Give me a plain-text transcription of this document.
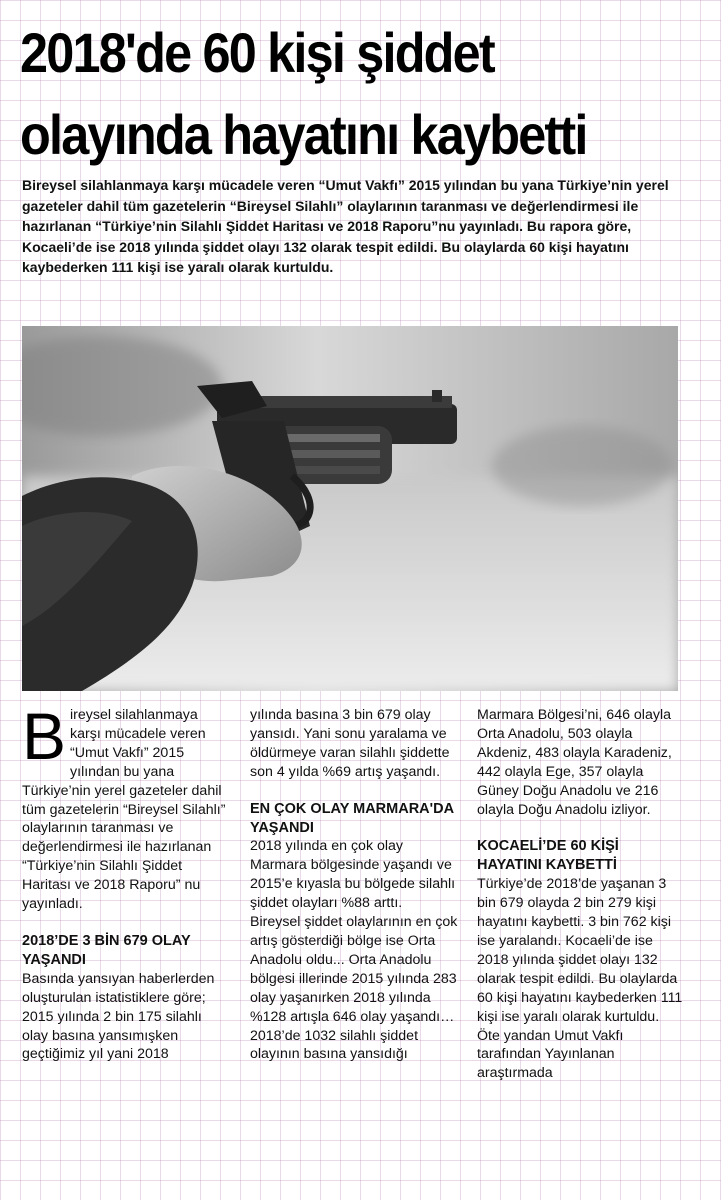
2018'de 60 kişi şiddet
olayında hayatını kaybetti

Bireysel silahlanmaya karşı mücadele veren “Umut Vakfı” 2015 yılından bu yana Türkiye’nin yerel gazeteler dahil tüm gazetelerin “Bireysel Silahlı” olaylarının taranması ve değerlendirmesi ile hazırlanan “Türkiye’nin Silahlı Şiddet Haritası ve 2018 Raporu”nu yayınladı. Bu rapora göre, Kocaeli’de ise 2018 yılında şiddet olayı 132 olarak tespit edildi. Bu olaylarda 60 kişi hayatını kaybederken 111 kişi ise yaralı olarak kurtuldu.

Bireysel silahlanmaya karşı mücadele veren “Umut Vakfı” 2015 yılından bu yana Türkiye’nin yerel gazeteler dahil tüm gazetelerin “Bireysel Silahlı” olaylarının taranması ve değerlendirmesi ile hazırlanan “Türkiye’nin Silahlı Şiddet Haritası ve 2018 Raporu” nu yayınladı.

2018’DE 3 BİN 679 OLAY YAŞANDI

Basında yansıyan haberlerden oluşturulan istatistiklere göre; 2015 yılında 2 bin 175 silahlı olay basına yansımışken geçtiğimiz yıl yani 2018

yılında basına 3 bin 679 olay yansıdı. Yani sonu yaralama ve öldürmeye varan silahlı şiddette son 4 yılda %69 artış yaşandı.

EN ÇOK OLAY MARMARA'DA YAŞANDI

2018 yılında en çok olay Marmara bölgesinde yaşandı ve 2015’e kıyasla bu bölgede silahlı şiddet olayları %88 arttı.

Bireysel şiddet olaylarının en çok artış gösterdiği bölge ise Orta Anadolu oldu... Orta Anadolu bölgesi illerinde 2015 yılında 283 olay yaşanırken 2018 yılında %128 artışla 646 olay yaşandı… 2018’de 1032 silahlı şiddet olayının basına yansıdığı

Marmara Bölgesi’ni, 646 olayla Orta Anadolu, 503 olayla Akdeniz, 483 olayla Karadeniz, 442 olayla Ege, 357 olayla Güney Doğu Anadolu ve 216 olayla Doğu Anadolu izliyor.

KOCAELİ’DE 60 KİŞİ HAYATINI KAYBETTİ

Türkiye’de 2018’de yaşanan 3 bin 679 olayda 2 bin 279 kişi hayatını kaybetti. 3 bin 762 kişi ise yaralandı. Kocaeli’de ise 2018 yılında şiddet olayı 132 olarak tespit edildi. Bu olaylarda 60 kişi hayatını kaybederken 111 kişi ise yaralı olarak kurtuldu. Öte yandan Umut Vakfı tarafından Yayınlanan araştırmada
